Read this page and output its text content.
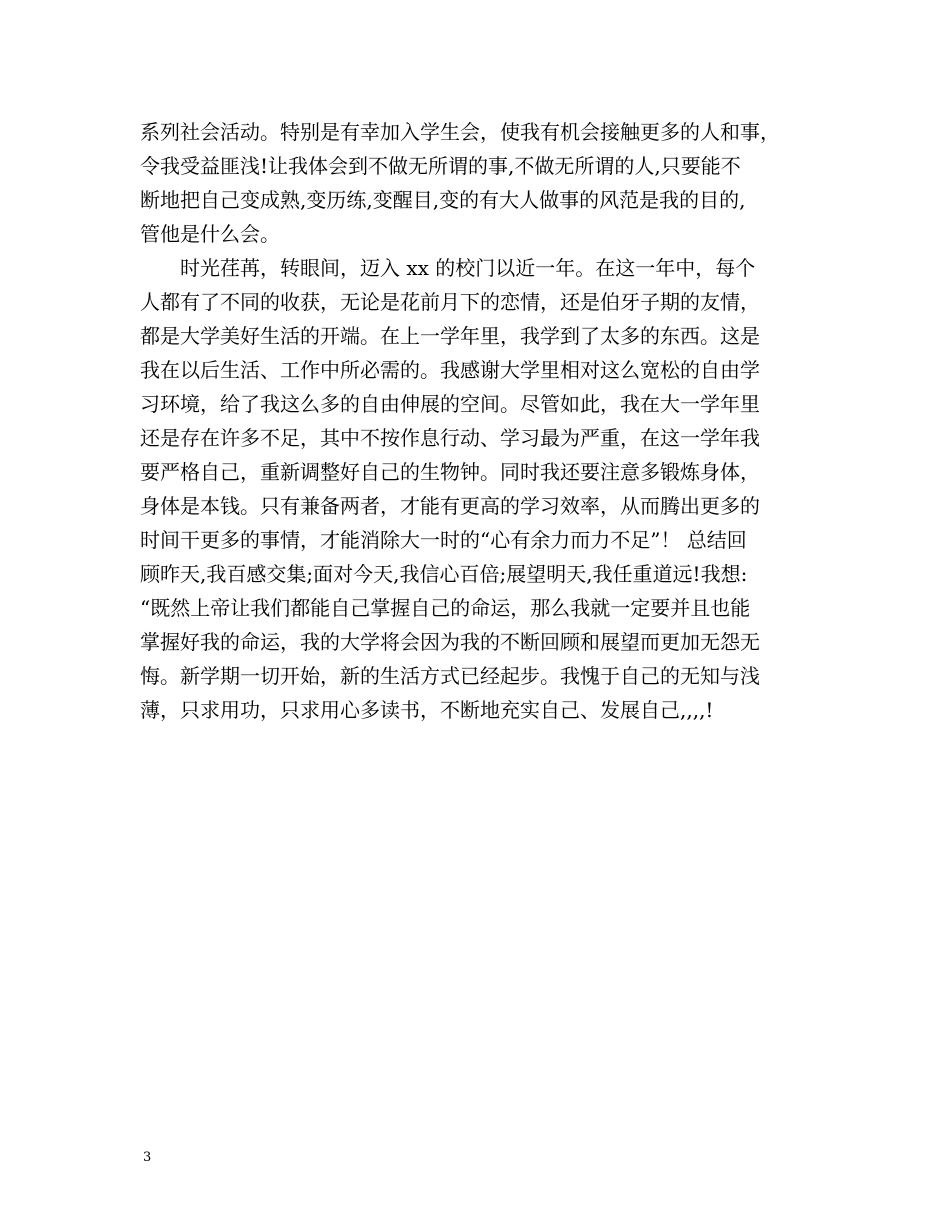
系列社会活动。特别是有幸加入学生会，使我有机会接触更多的人和事，
令我受益匪浅!让我体会到不做无所谓的事,不做无所谓的人,只要能不
断地把自己变成熟,变历练,变醒目,变的有大人做事的风范是我的目的,
管他是什么会。
　　时光荏苒，转眼间，迈入 xx 的校门以近一年。在这一年中，每个
人都有了不同的收获，无论是花前月下的恋情，还是伯牙子期的友情，
都是大学美好生活的开端。在上一学年里，我学到了太多的东西。这是
我在以后生活、工作中所必需的。我感谢大学里相对这么宽松的自由学
习环境，给了我这么多的自由伸展的空间。尽管如此，我在大一学年里
还是存在许多不足，其中不按作息行动、学习最为严重，在这一学年我
要严格自己，重新调整好自己的生物钟。同时我还要注意多锻炼身体，
身体是本钱。只有兼备两者，才能有更高的学习效率，从而腾出更多的
时间干更多的事情，才能消除大一时的“心有余力而力不足”！ 总结回
顾昨天,我百感交集;面对今天,我信心百倍;展望明天,我任重道远!我想:
“既然上帝让我们都能自己掌握自己的命运，那么我就一定要并且也能
掌握好我的命运，我的大学将会因为我的不断回顾和展望而更加无怨无
悔。新学期一切开始，新的生活方式已经起步。我愧于自己的无知与浅
薄，只求用功，只求用心多读书，不断地充实自己、发展自己,,,,!
3
